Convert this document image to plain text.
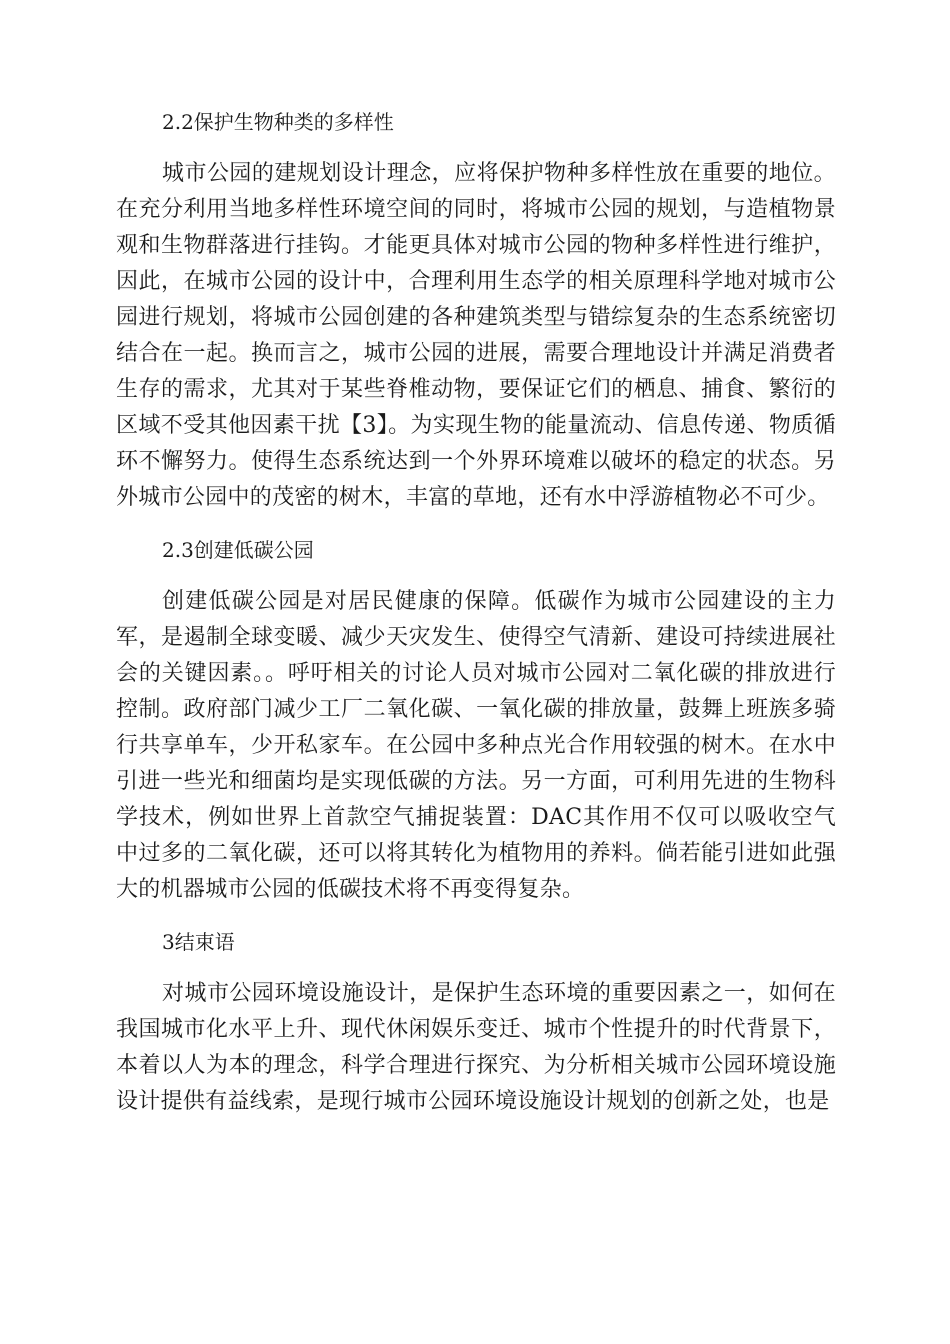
2.2保护生物种类的多样性

城市公园的建规划设计理念，应将保护物种多样性放在重要的地位。在充分利用当地多样性环境空间的同时，将城市公园的规划，与造植物景观和生物群落进行挂钩。才能更具体对城市公园的物种多样性进行维护，因此，在城市公园的设计中，合理利用生态学的相关原理科学地对城市公园进行规划，将城市公园创建的各种建筑类型与错综复杂的生态系统密切结合在一起。换而言之，城市公园的进展，需要合理地设计并满足消费者生存的需求，尤其对于某些脊椎动物，要保证它们的栖息、捕食、繁衍的区域不受其他因素干扰【3】。为实现生物的能量流动、信息传递、物质循环不懈努力。使得生态系统达到一个外界环境难以破坏的稳定的状态。另外城市公园中的茂密的树木，丰富的草地，还有水中浮游植物必不可少。

2.3创建低碳公园

创建低碳公园是对居民健康的保障。低碳作为城市公园建设的主力军，是遏制全球变暖、减少天灾发生、使得空气清新、建设可持续进展社会的关键因素。。呼吁相关的讨论人员对城市公园对二氧化碳的排放进行控制。政府部门减少工厂二氧化碳、一氧化碳的排放量，鼓舞上班族多骑行共享单车，少开私家车。在公园中多种点光合作用较强的树木。在水中引进一些光和细菌均是实现低碳的方法。另一方面，可利用先进的生物科学技术，例如世界上首款空气捕捉装置：DAC其作用不仅可以吸收空气中过多的二氧化碳，还可以将其转化为植物用的养料。倘若能引进如此强大的机器城市公园的低碳技术将不再变得复杂。

3结束语

对城市公园环境设施设计，是保护生态环境的重要因素之一，如何在我国城市化水平上升、现代休闲娱乐变迁、城市个性提升的时代背景下，本着以人为本的理念，科学合理进行探究、为分析相关城市公园环境设施设计提供有益线索，是现行城市公园环境设施设计规划的创新之处，也是
